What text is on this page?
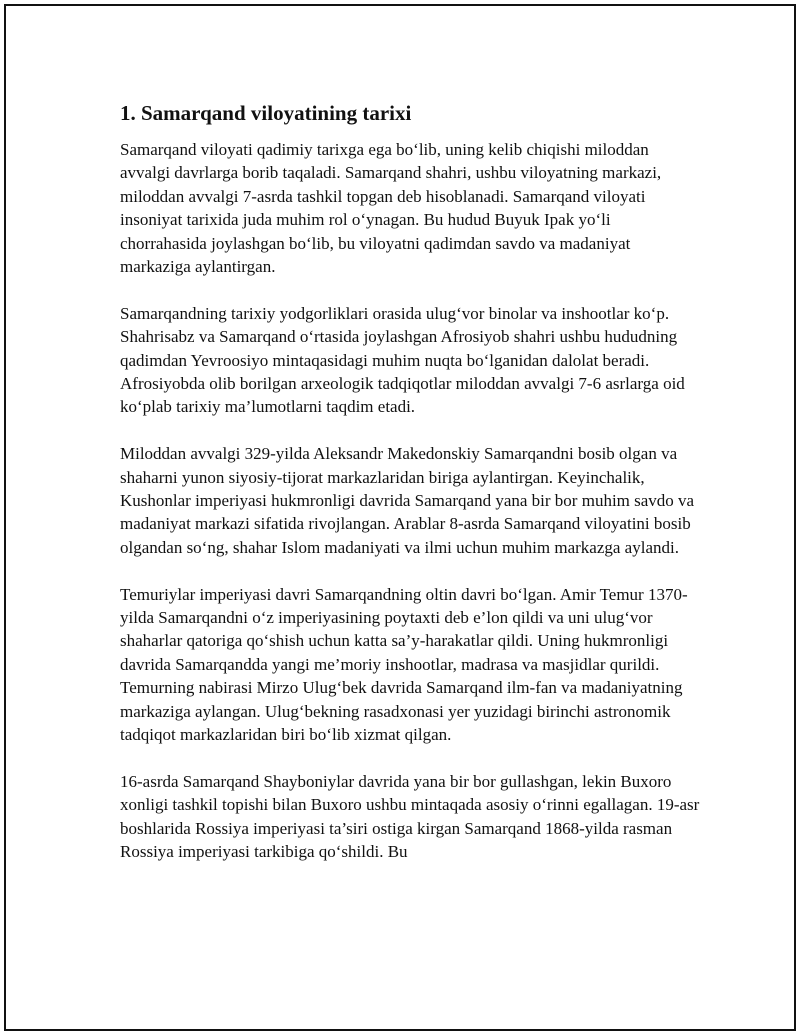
1. Samarqand viloyatining tarixi

Samarqand viloyati qadimiy tarixga ega bo‘lib, uning kelib chiqishi miloddan avvalgi davrlarga borib taqaladi. Samarqand shahri, ushbu viloyatning markazi, miloddan avvalgi 7-asrda tashkil topgan deb hisoblanadi. Samarqand viloyati insoniyat tarixida juda muhim rol o‘ynagan. Bu hudud Buyuk Ipak yo‘li chorrahasida joylashgan bo‘lib, bu viloyatni qadimdan savdo va madaniyat markaziga aylantirgan.

Samarqandning tarixiy yodgorliklari orasida ulug‘vor binolar va inshootlar ko‘p. Shahrisabz va Samarqand o‘rtasida joylashgan Afrosiyob shahri ushbu hududning qadimdan Yevroosiyo mintaqasidagi muhim nuqta bo‘lganidan dalolat beradi. Afrosiyobda olib borilgan arxeologik tadqiqotlar miloddan avvalgi 7-6 asrlarga oid ko‘plab tarixiy ma’lumotlarni taqdim etadi.

Miloddan avvalgi 329-yilda Aleksandr Makedonskiy Samarqandni bosib olgan va shaharni yunon siyosiy-tijorat markazlaridan biriga aylantirgan. Keyinchalik, Kushonlar imperiyasi hukmronligi davrida Samarqand yana bir bor muhim savdo va madaniyat markazi sifatida rivojlangan. Arablar 8-asrda Samarqand viloyatini bosib olgandan so‘ng, shahar Islom madaniyati va ilmi uchun muhim markazga aylandi.

Temuriylar imperiyasi davri Samarqandning oltin davri bo‘lgan. Amir Temur 1370-yilda Samarqandni o‘z imperiyasining poytaxti deb e’lon qildi va uni ulug‘vor shaharlar qatoriga qo‘shish uchun katta sa’y-harakatlar qildi. Uning hukmronligi davrida Samarqandda yangi me’moriy inshootlar, madrasa va masjidlar qurildi. Temurning nabirasi Mirzo Ulug‘bek davrida Samarqand ilm-fan va madaniyatning markaziga aylangan. Ulug‘bekning rasadxonasi yer yuzidagi birinchi astronomik tadqiqot markazlaridan biri bo‘lib xizmat qilgan.

16-asrda Samarqand Shayboniylar davrida yana bir bor gullashgan, lekin Buxoro xonligi tashkil topishi bilan Buxoro ushbu mintaqada asosiy o‘rinni egallagan. 19-asr boshlarida Rossiya imperiyasi ta’siri ostiga kirgan Samarqand 1868-yilda rasman Rossiya imperiyasi tarkibiga qo‘shildi. Bu
